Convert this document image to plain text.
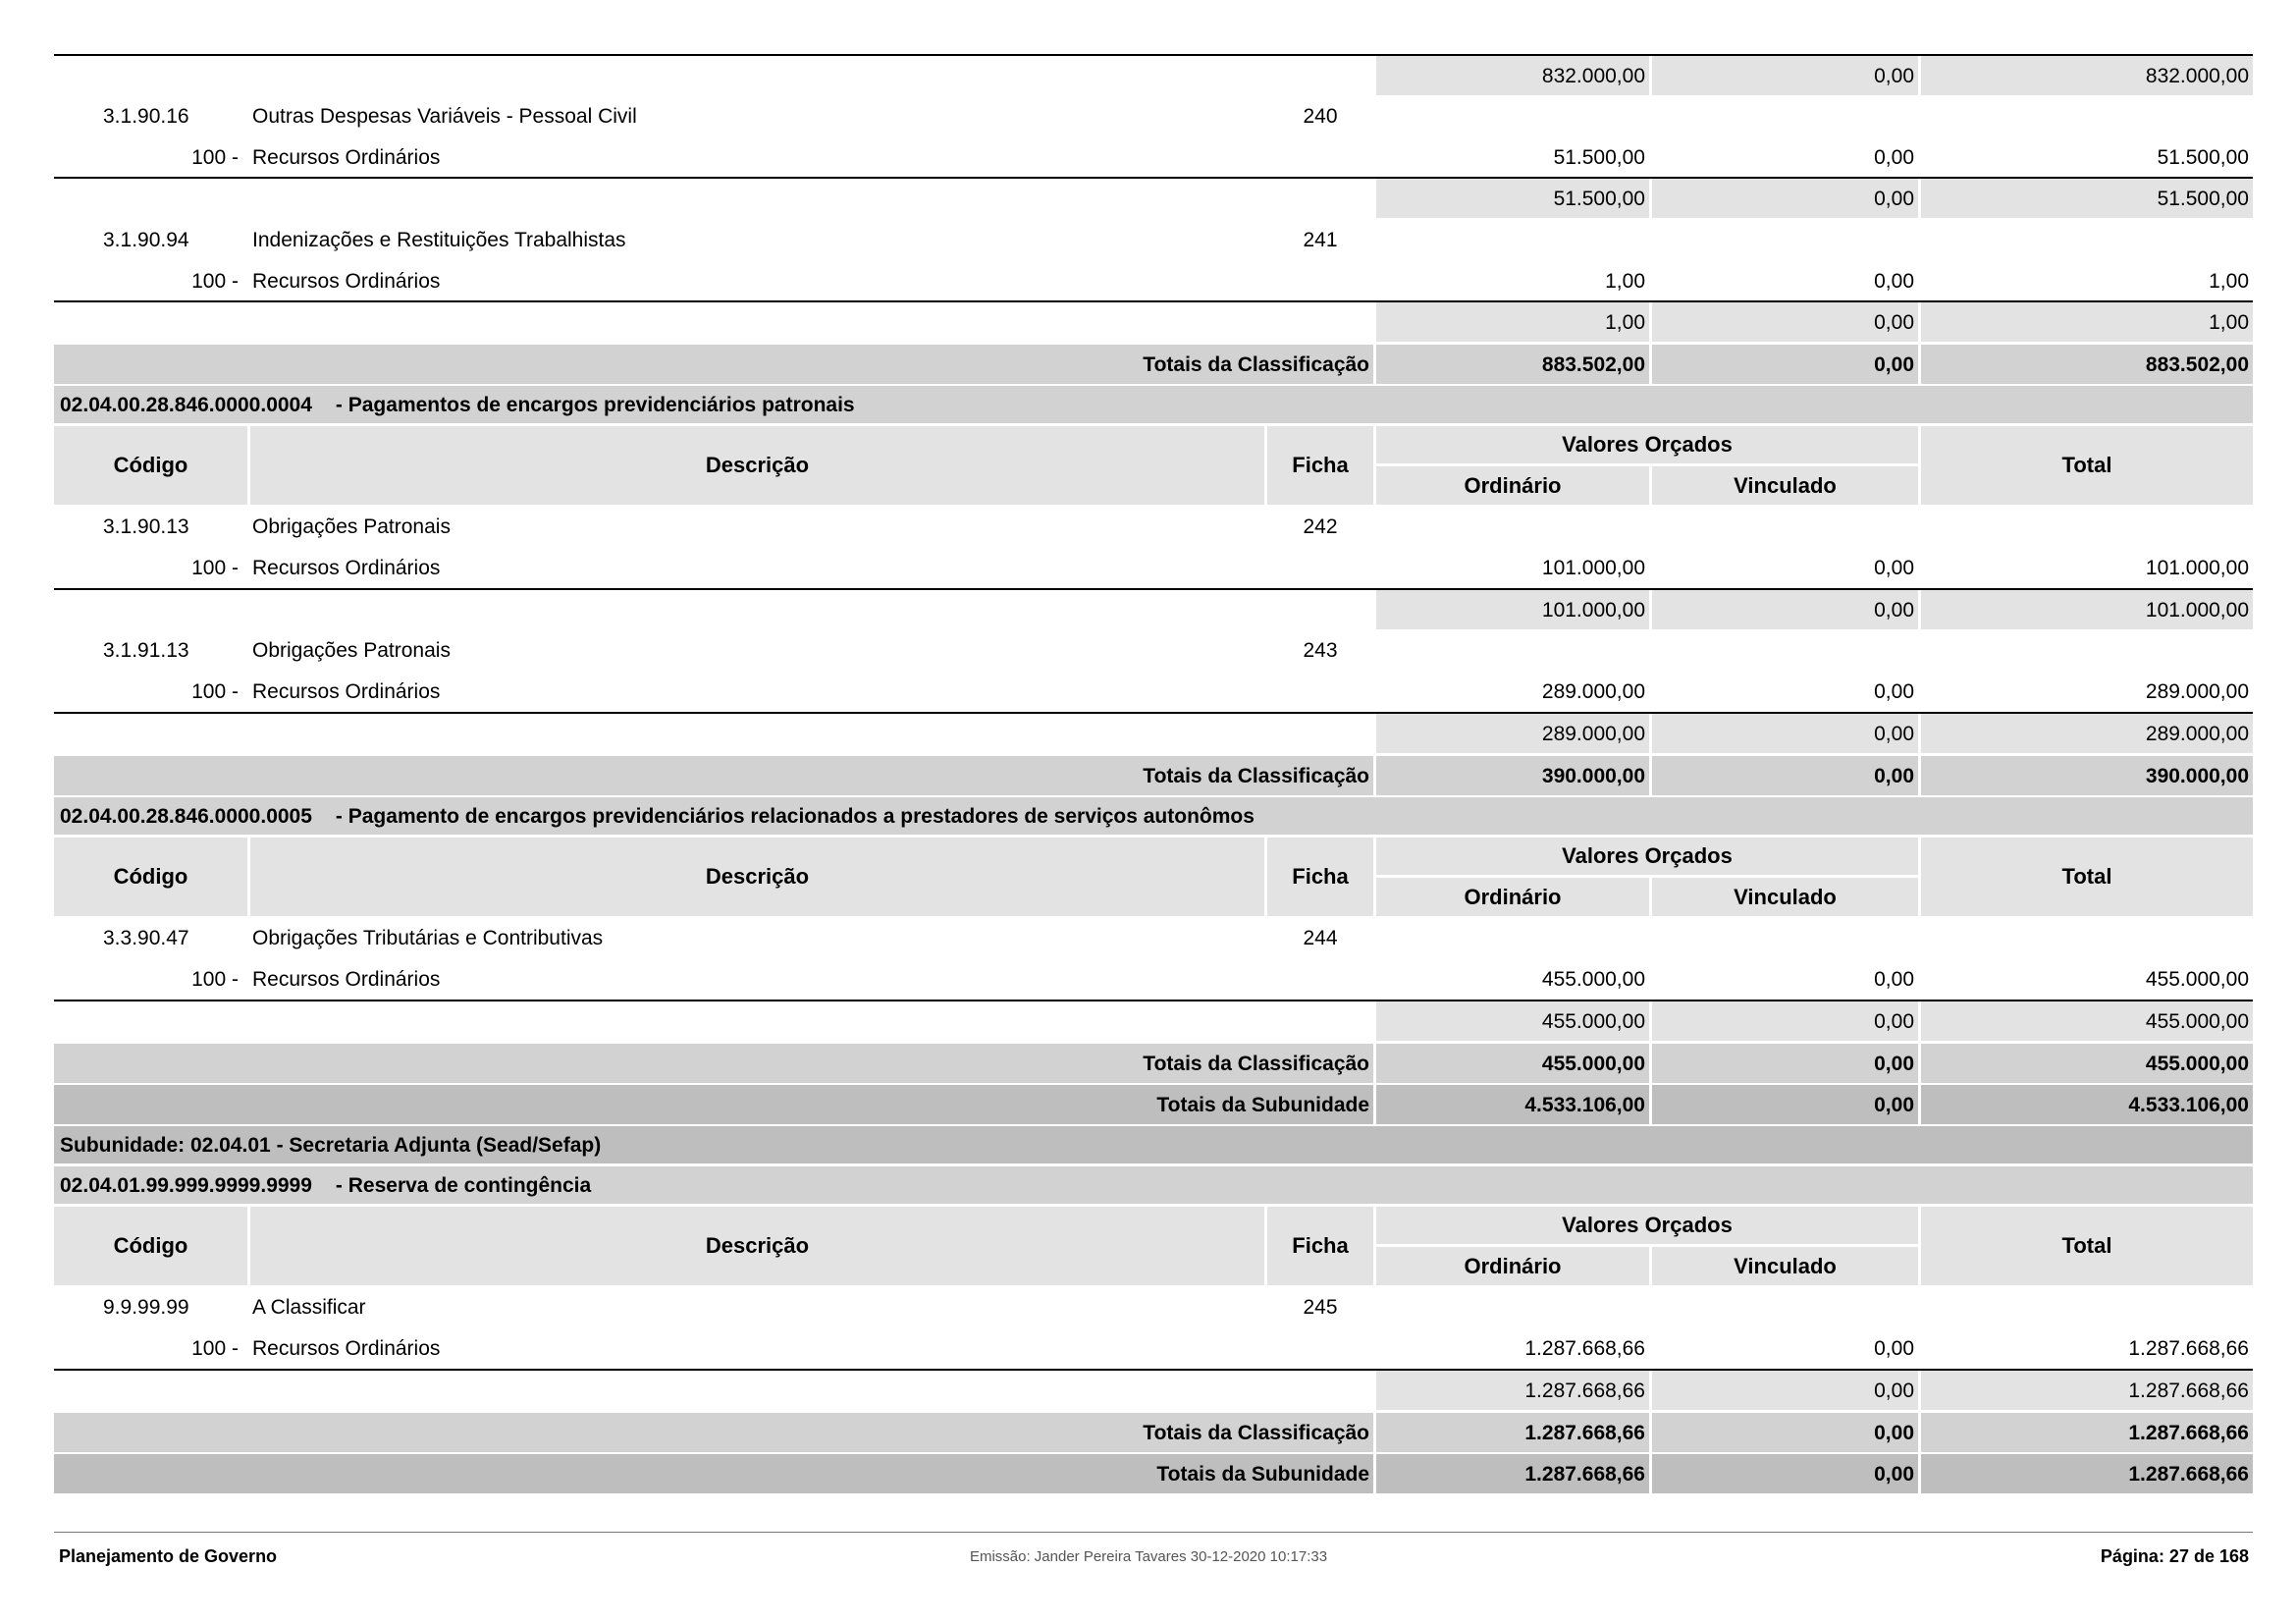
832.000,00	0,00	832.000,00
3.1.90.16	Outras Despesas Variáveis - Pessoal Civil	240
100 - Recursos Ordinários	51.500,00	0,00	51.500,00
51.500,00	0,00	51.500,00
3.1.90.94	Indenizações e Restituições Trabalhistas	241
100 - Recursos Ordinários	1,00	0,00	1,00
1,00	0,00	1,00
Totais da Classificação	883.502,00	0,00	883.502,00
02.04.00.28.846.0000.0004 - Pagamentos de encargos previdenciários patronais
Código	Descrição	Ficha
Valores Orçados
Ordinário	Vinculado
Total
3.1.90.13	Obrigações Patronais	242
100 - Recursos Ordinários	101.000,00	0,00	101.000,00
101.000,00	0,00	101.000,00
3.1.91.13	Obrigações Patronais	243
100 - Recursos Ordinários	289.000,00	0,00	289.000,00
289.000,00	0,00	289.000,00
Totais da Classificação	390.000,00	0,00	390.000,00
02.04.00.28.846.0000.0005 - Pagamento de encargos previdenciários relacionados a prestadores de serviços autonômos
Código	Descrição	Ficha
Valores Orçados
Ordinário	Vinculado
Total
3.3.90.47	Obrigações Tributárias e Contributivas	244
100 - Recursos Ordinários	455.000,00	0,00	455.000,00
455.000,00	0,00	455.000,00
Totais da Classificação	455.000,00	0,00	455.000,00
Totais da Subunidade	4.533.106,00	0,00	4.533.106,00
Subunidade: 02.04.01 - Secretaria Adjunta (Sead/Sefap)
02.04.01.99.999.9999.9999 - Reserva de contingência
Código	Descrição	Ficha
Valores Orçados
Ordinário	Vinculado
Total
9.9.99.99	A Classificar	245
100 - Recursos Ordinários	1.287.668,66	0,00	1.287.668,66
1.287.668,66	0,00	1.287.668,66
Totais da Classificação	1.287.668,66	0,00	1.287.668,66
Totais da Subunidade	1.287.668,66	0,00	1.287.668,66
Planejamento de Governo	Emissão: Jander Pereira Tavares 30-12-2020 10:17:33	Página: 27 de 168
